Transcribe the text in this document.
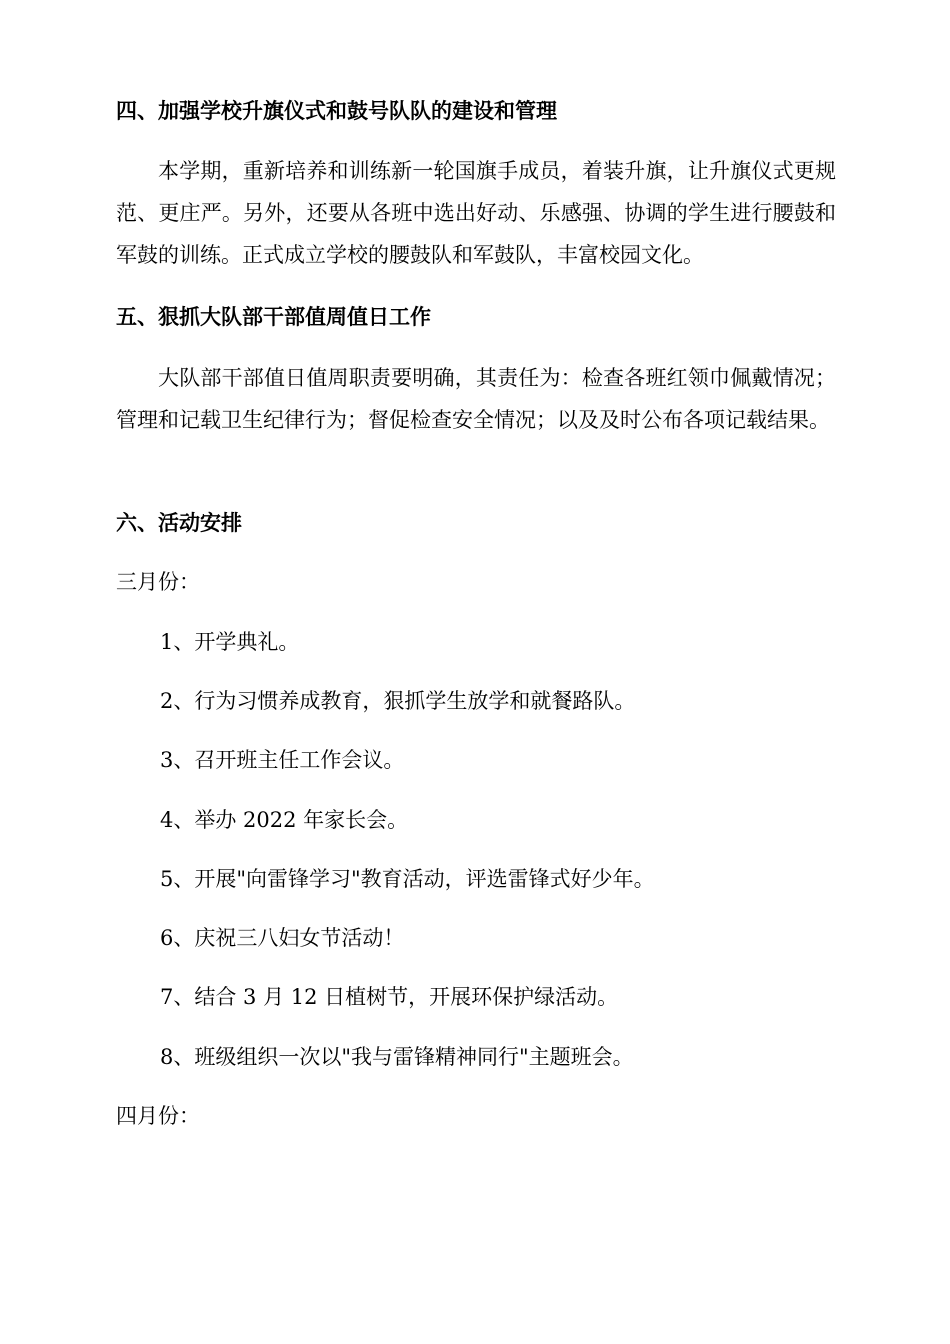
四、加强学校升旗仪式和鼓号队队的建设和管理

本学期，重新培养和训练新一轮国旗手成员，着装升旗，让升旗仪式更规范、更庄严。另外，还要从各班中选出好动、乐感强、协调的学生进行腰鼓和军鼓的训练。正式成立学校的腰鼓队和军鼓队，丰富校园文化。

五、狠抓大队部干部值周值日工作

大队部干部值日值周职责要明确，其责任为：检查各班红领巾佩戴情况；管理和记载卫生纪律行为；督促检查安全情况；以及及时公布各项记载结果。

六、活动安排

三月份：

1、开学典礼。

2、行为习惯养成教育，狠抓学生放学和就餐路队。

3、召开班主任工作会议。

4、举办 2022 年家长会。

5、开展"向雷锋学习"教育活动，评选雷锋式好少年。

6、庆祝三八妇女节活动！

7、结合 3 月 12 日植树节，开展环保护绿活动。

8、班级组织一次以"我与雷锋精神同行"主题班会。

四月份：
